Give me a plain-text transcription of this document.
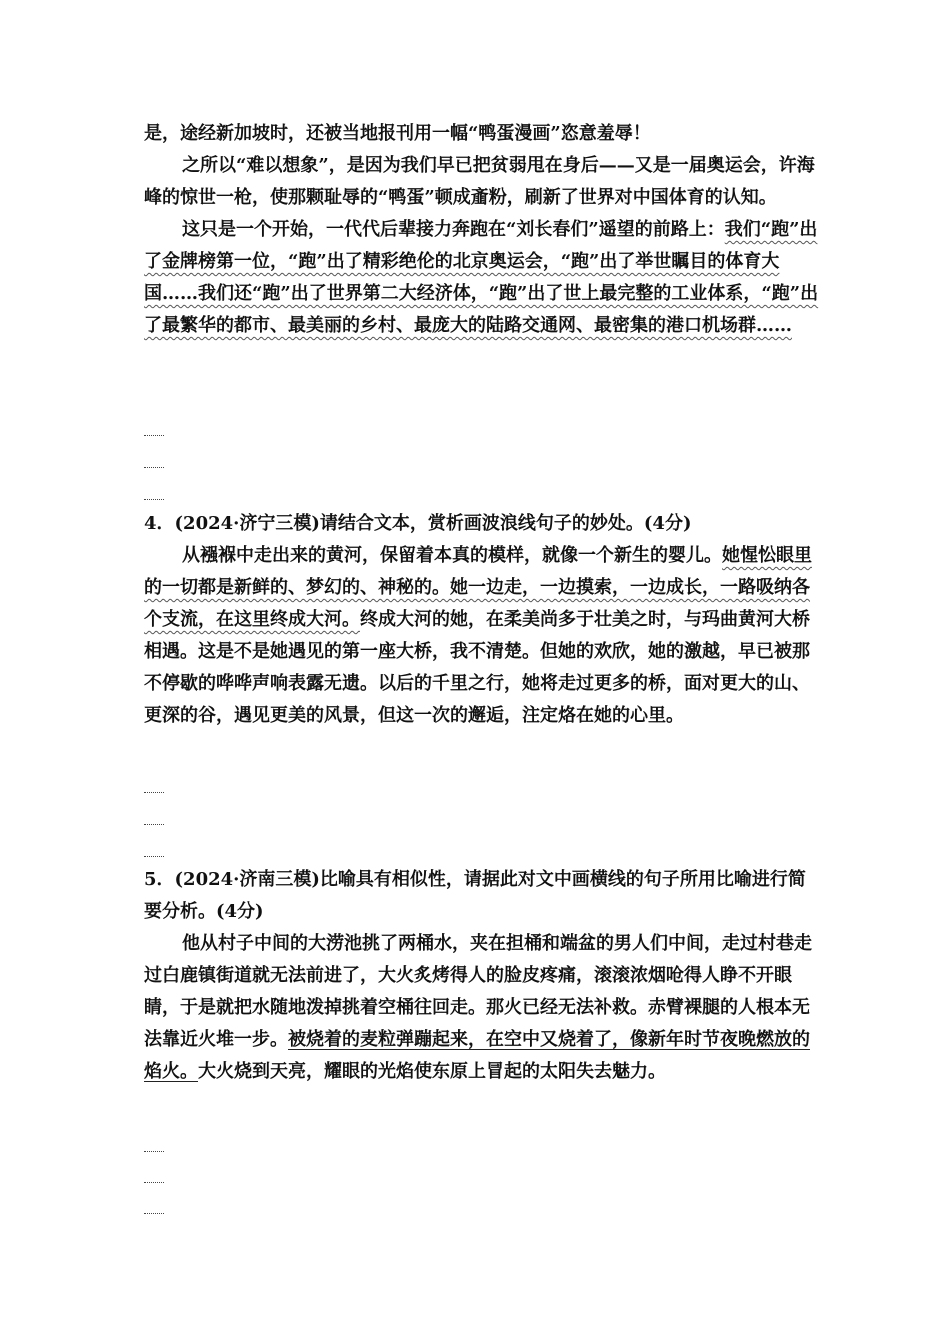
是，途经新加坡时，还被当地报刊用一幅“鸭蛋漫画”恣意羞辱！

之所以“难以想象”，是因为我们早已把贫弱甩在身后——又是一届奥运会，许海峰的惊世一枪，使那颗耻辱的“鸭蛋”顿成齑粉，刷新了世界对中国体育的认知。

这只是一个开始，一代代后辈接力奔跑在“刘长春们”遥望的前路上：我们“跑”出了金牌榜第一位，“跑”出了精彩绝伦的北京奥运会，“跑”出了举世瞩目的体育大国……我们还“跑”出了世界第二大经济体，“跑”出了世上最完整的工业体系，“跑”出了最繁华的都市、最美丽的乡村、最庞大的陆路交通网、最密集的港口机场群……

4．(2024·济宁三模)请结合文本，赏析画波浪线句子的妙处。(4分)

从襁褓中走出来的黄河，保留着本真的模样，就像一个新生的婴儿。她惺忪眼里的一切都是新鲜的、梦幻的、神秘的。她一边走，一边摸索，一边成长，一路吸纳各个支流，在这里终成大河。终成大河的她，在柔美尚多于壮美之时，与玛曲黄河大桥相遇。这是不是她遇见的第一座大桥，我不清楚。但她的欢欣，她的激越，早已被那不停歇的哗哗声响表露无遗。以后的千里之行，她将走过更多的桥，面对更大的山、更深的谷，遇见更美的风景，但这一次的邂逅，注定烙在她的心里。

5．(2024·济南三模)比喻具有相似性，请据此对文中画横线的句子所用比喻进行简要分析。(4分)

他从村子中间的大涝池挑了两桶水，夹在担桶和端盆的男人们中间，走过村巷走过白鹿镇街道就无法前进了，大火炙烤得人的脸皮疼痛，滚滚浓烟呛得人睁不开眼睛，于是就把水随地泼掉挑着空桶往回走。那火已经无法补救。赤臂裸腿的人根本无法靠近火堆一步。被烧着的麦粒弹蹦起来，在空中又烧着了，像新年时节夜晚燃放的焰火。大火烧到天亮，耀眼的光焰使东原上冒起的太阳失去魅力。
